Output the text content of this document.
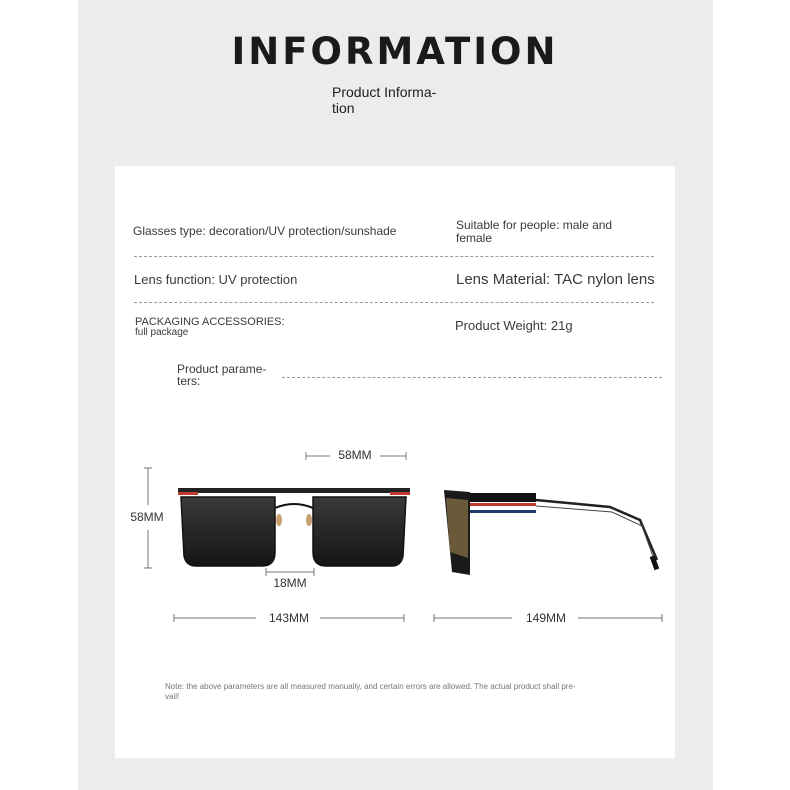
INFORMATION
Product Informa-
tion
Glasses type: decoration/UV protection/sunshade	Suitable for people: male and
female
Lens function: UV protection	Lens Material: TAC nylon lens
PACKAGING ACCESSORIES:
full package	Product Weight: 21g
Product parame-
ters:
58MM
58MM
18MM
143MM	149MM
Note: the above parameters are all measured manually, and certain errors are allowed. The actual product shall pre-
vail!
